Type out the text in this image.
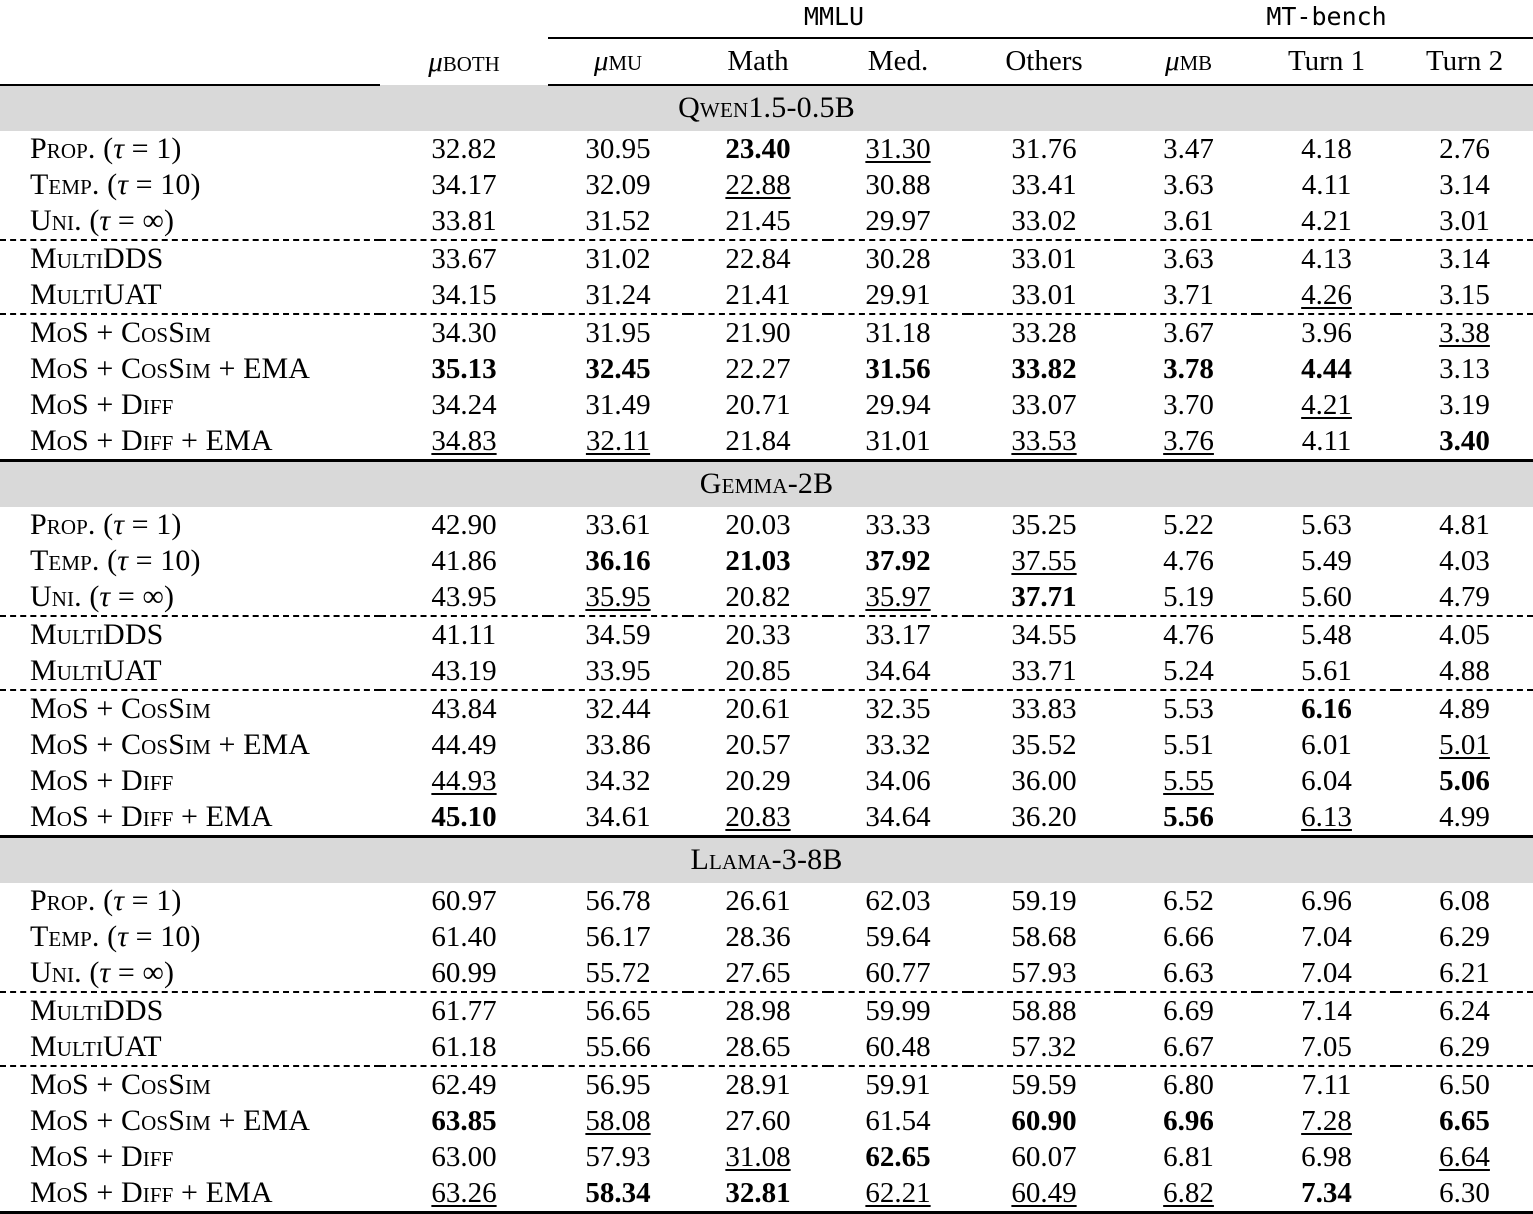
	μBOTH	MMLU				MT-bench		
		μMU	Math	Med.	Others	μMB	Turn 1	Turn 2
Qwen1.5-0.5B								
Prop. (τ = 1)	32.82	30.95	23.40	31.30	31.76	3.47	4.18	2.76
Temp. (τ = 10)	34.17	32.09	22.88	30.88	33.41	3.63	4.11	3.14
Uni. (τ = ∞)	33.81	31.52	21.45	29.97	33.02	3.61	4.21	3.01
MultiDDS	33.67	31.02	22.84	30.28	33.01	3.63	4.13	3.14
MultiUAT	34.15	31.24	21.41	29.91	33.01	3.71	4.26	3.15
MoS + CosSim	34.30	31.95	21.90	31.18	33.28	3.67	3.96	3.38
MoS + CosSim + EMA	35.13	32.45	22.27	31.56	33.82	3.78	4.44	3.13
MoS + Diff	34.24	31.49	20.71	29.94	33.07	3.70	4.21	3.19
MoS + Diff + EMA	34.83	32.11	21.84	31.01	33.53	3.76	4.11	3.40
Gemma-2B								
Prop. (τ = 1)	42.90	33.61	20.03	33.33	35.25	5.22	5.63	4.81
Temp. (τ = 10)	41.86	36.16	21.03	37.92	37.55	4.76	5.49	4.03
Uni. (τ = ∞)	43.95	35.95	20.82	35.97	37.71	5.19	5.60	4.79
MultiDDS	41.11	34.59	20.33	33.17	34.55	4.76	5.48	4.05
MultiUAT	43.19	33.95	20.85	34.64	33.71	5.24	5.61	4.88
MoS + CosSim	43.84	32.44	20.61	32.35	33.83	5.53	6.16	4.89
MoS + CosSim + EMA	44.49	33.86	20.57	33.32	35.52	5.51	6.01	5.01
MoS + Diff	44.93	34.32	20.29	34.06	36.00	5.55	6.04	5.06
MoS + Diff + EMA	45.10	34.61	20.83	34.64	36.20	5.56	6.13	4.99
Llama-3-8B								
Prop. (τ = 1)	60.97	56.78	26.61	62.03	59.19	6.52	6.96	6.08
Temp. (τ = 10)	61.40	56.17	28.36	59.64	58.68	6.66	7.04	6.29
Uni. (τ = ∞)	60.99	55.72	27.65	60.77	57.93	6.63	7.04	6.21
MultiDDS	61.77	56.65	28.98	59.99	58.88	6.69	7.14	6.24
MultiUAT	61.18	55.66	28.65	60.48	57.32	6.67	7.05	6.29
MoS + CosSim	62.49	56.95	28.91	59.91	59.59	6.80	7.11	6.50
MoS + CosSim + EMA	63.85	58.08	27.60	61.54	60.90	6.96	7.28	6.65
MoS + Diff	63.00	57.93	31.08	62.65	60.07	6.81	6.98	6.64
MoS + Diff + EMA	63.26	58.34	32.81	62.21	60.49	6.82	7.34	6.30
